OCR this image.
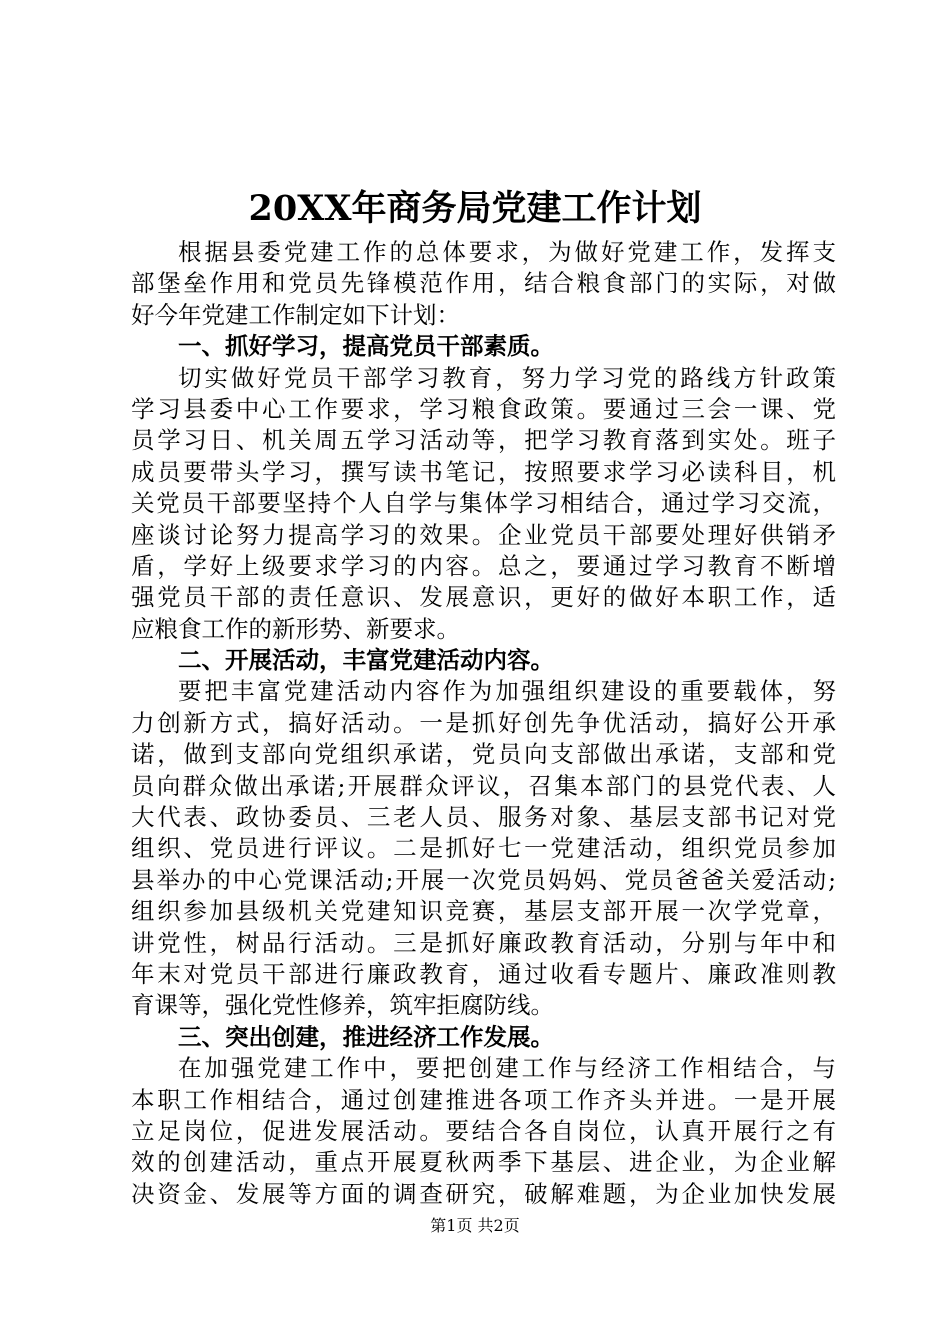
20XX年商务局党建工作计划
根据县委党建工作的总体要求，为做好党建工作，发挥支
部堡垒作用和党员先锋模范作用，结合粮食部门的实际，对做
好今年党建工作制定如下计划：
一、抓好学习，提高党员干部素质。
切实做好党员干部学习教育，努力学习党的路线方针政策
学习县委中心工作要求，学习粮食政策。要通过三会一课、党
员学习日、机关周五学习活动等，把学习教育落到实处。班子
成员要带头学习，撰写读书笔记，按照要求学习必读科目，机
关党员干部要坚持个人自学与集体学习相结合，通过学习交流，
座谈讨论努力提高学习的效果。企业党员干部要处理好供销矛
盾，学好上级要求学习的内容。总之，要通过学习教育不断增
强党员干部的责任意识、发展意识，更好的做好本职工作，适
应粮食工作的新形势、新要求。
二、开展活动，丰富党建活动内容。
要把丰富党建活动内容作为加强组织建设的重要载体，努
力创新方式，搞好活动。一是抓好创先争优活动，搞好公开承
诺，做到支部向党组织承诺，党员向支部做出承诺，支部和党
员向群众做出承诺;开展群众评议，召集本部门的县党代表、人
大代表、政协委员、三老人员、服务对象、基层支部书记对党
组织、党员进行评议。二是抓好七一党建活动，组织党员参加
县举办的中心党课活动;开展一次党员妈妈、党员爸爸关爱活动;
组织参加县级机关党建知识竞赛，基层支部开展一次学党章，
讲党性，树品行活动。三是抓好廉政教育活动，分别与年中和
年末对党员干部进行廉政教育，通过收看专题片、廉政准则教
育课等，强化党性修养，筑牢拒腐防线。
三、突出创建，推进经济工作发展。
在加强党建工作中，要把创建工作与经济工作相结合，与
本职工作相结合，通过创建推进各项工作齐头并进。一是开展
立足岗位，促进发展活动。要结合各自岗位，认真开展行之有
效的创建活动，重点开展夏秋两季下基层、进企业，为企业解
决资金、发展等方面的调查研究，破解难题，为企业加快发展
第1页 共2页
